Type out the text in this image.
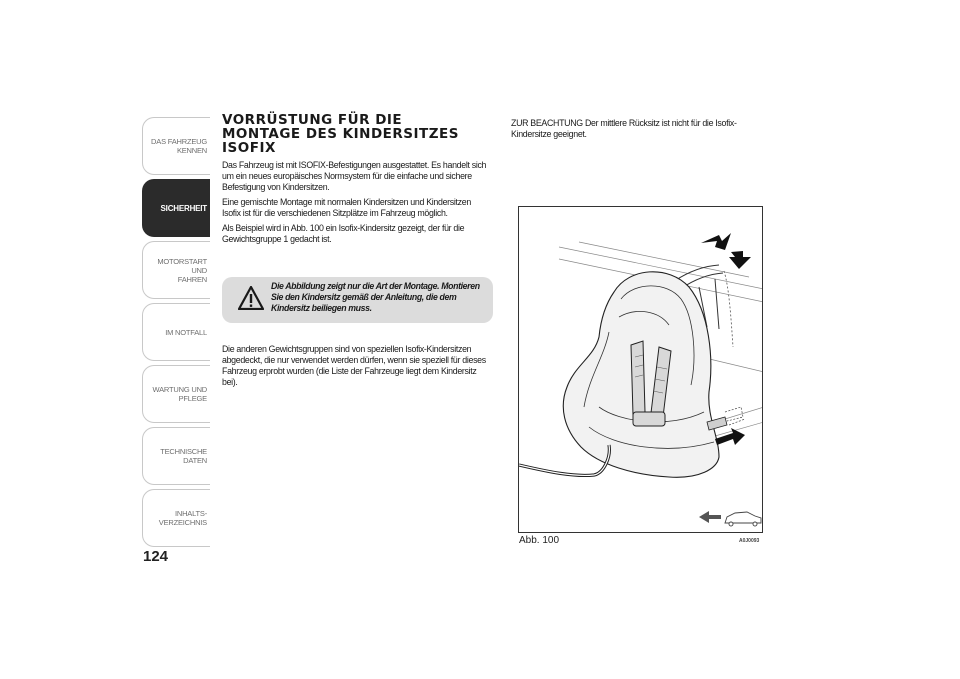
DAS FAHRZEUG
KENNEN
SICHERHEIT
MOTORSTART UND
FAHREN
IM NOTFALL
WARTUNG UND
PFLEGE
TECHNISCHE DATEN
INHALTS-
VERZEICHNIS
124
VORRÜSTUNG FÜR DIE
MONTAGE DES KINDERSITZES
ISOFIX

Das Fahrzeug ist mit ISOFIX-Befestigungen ausgestattet. Es handelt sich um ein neues europäisches Normsystem für die einfache und sichere Befestigung von Kindersitzen.

Eine gemischte Montage mit normalen Kindersitzen und Kindersitzen Isofix ist für die verschiedenen Sitzplätze im Fahrzeug möglich.

Als Beispiel wird in Abb. 100 ein Isofix-Kindersitz gezeigt, der für die Gewichtsgruppe 1 gedacht ist.

Die Abbildung zeigt nur die Art der Montage. Montieren Sie den Kindersitz gemäß der Anleitung, die dem Kindersitz beiliegen muss.

Die anderen Gewichtsgruppen sind von speziellen Isofix-Kindersitzen abgedeckt, die nur verwendet werden dürfen, wenn sie speziell für dieses Fahrzeug erprobt wurden (die Liste der Fahrzeuge liegt dem Kindersitz bei).

ZUR BEACHTUNG Der mittlere Rücksitz ist nicht für die Isofix-Kindersitze geeignet.

Abb. 100	A0J0093
